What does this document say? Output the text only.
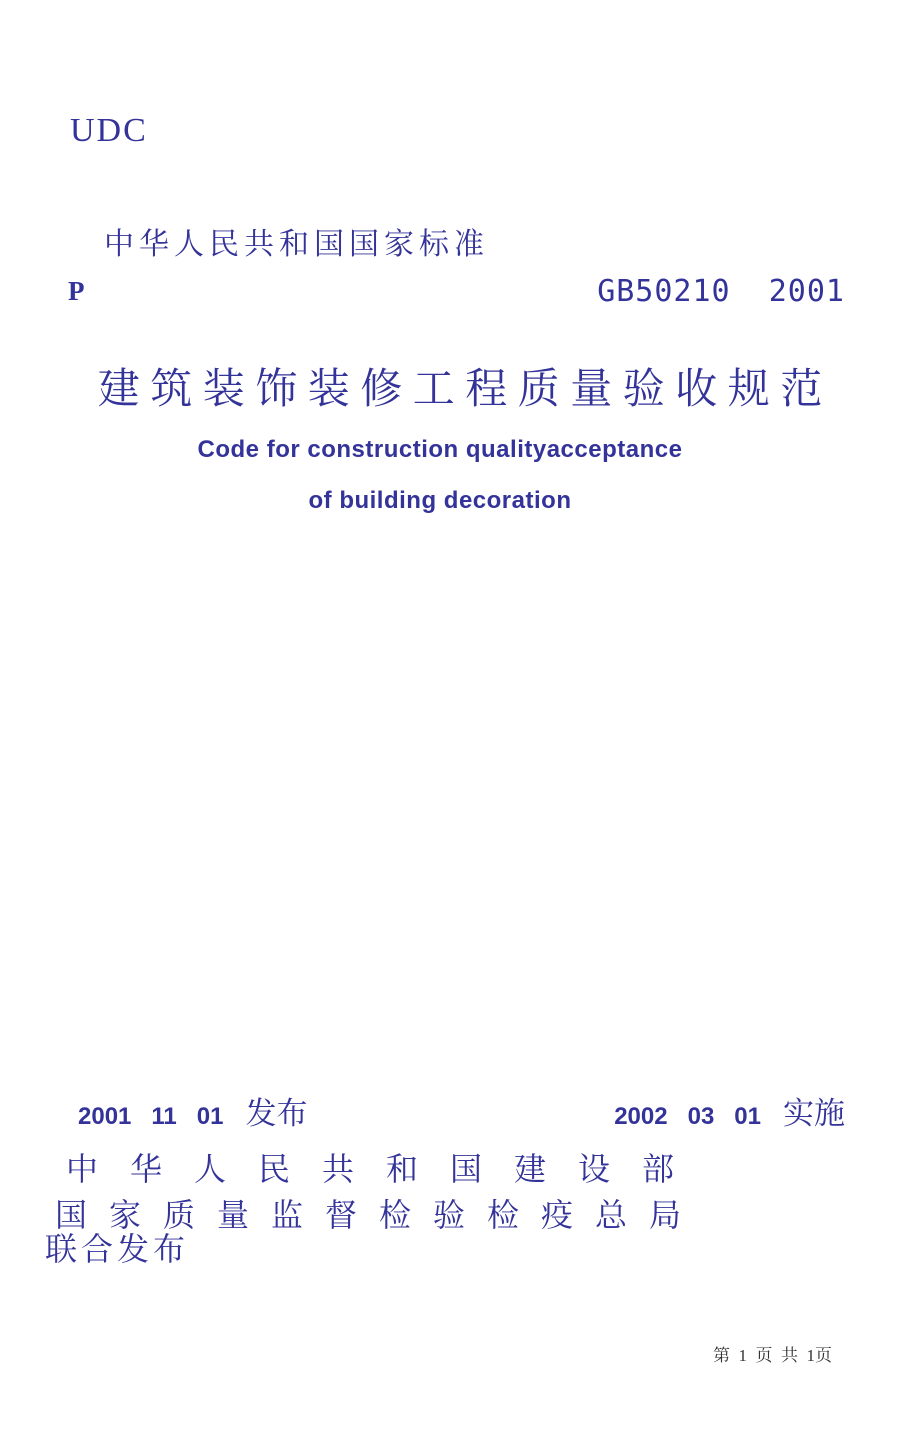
UDC
中华人民共和国国家标准
P	GB50210  2001
建 筑 装 饰 装 修 工 程 质 量 验 收 规 范
Code for construction qualityacceptance
of building decoration
2001   11   01 发布	2002   03   01 实施
中 华 人 民 共 和 国 建 设 部
国 家 质 量 监 督 检 验 检 疫 总 局
联合发布
第  1  页  共  1页
